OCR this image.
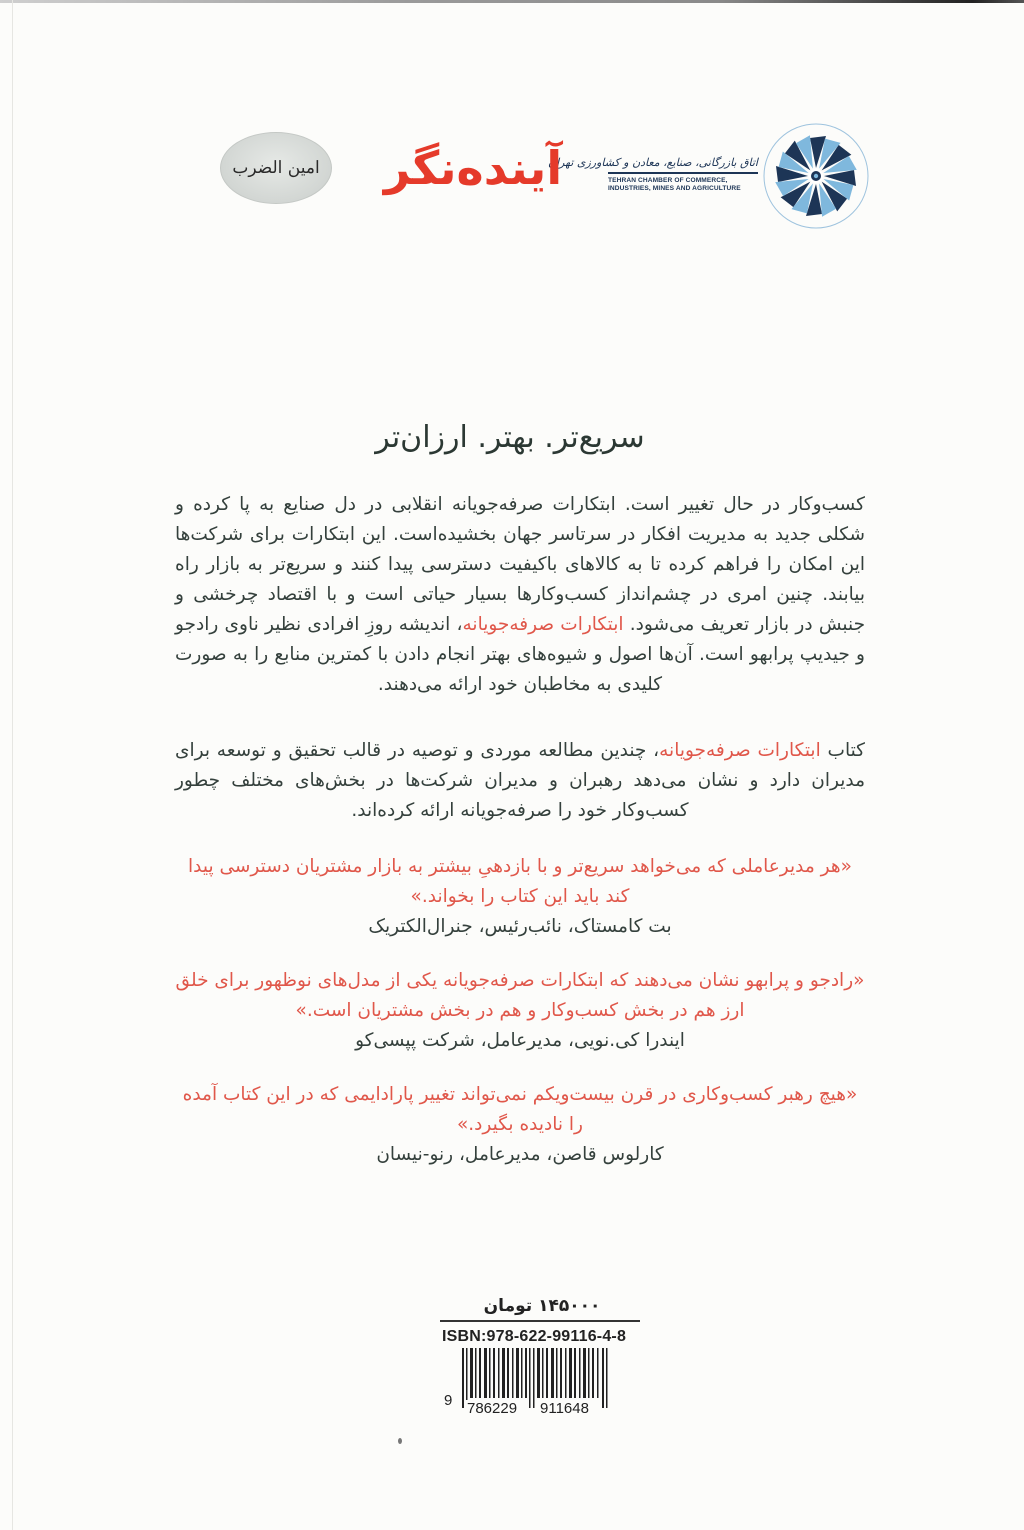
اتاق بازرگانی، صنایع، معادن و کشاورزی تهران
TEHRAN CHAMBER OF COMMERCE,
INDUSTRIES, MINES AND AGRICULTURE
آینده‌نگر
امین الضرب
سریع‌تر. بهتر. ارزان‌تر
کسب‌وکار در حال تغییر است. ابتکارات صرفه‌جویانه انقلابی در دل صنایع به پا کرده و شکلی جدید به مدیریت افکار در سرتاسر جهان بخشیده‌است. این ابتکارات برای شرکت‌ها این امکان را فراهم کرده تا به کالاهای باکیفیت دسترسی پیدا کنند و سریع‌تر به بازار راه بیابند. چنین امری در چشم‌انداز کسب‌وکارها بسیار حیاتی است و با اقتصاد چرخشی و جنبش در بازار تعریف می‌شود. ابتکارات صرفه‌جویانه، اندیشه روزِ افرادی نظیر ناوی رادجو و جیدیپ پرابهو است. آن‌ها اصول و شیوه‌های بهتر انجام دادن با کمترین منابع را به صورت کلیدی به مخاطبان خود ارائه می‌دهند.
کتاب ابتکارات صرفه‌جویانه، چندین مطالعه موردی و توصیه در قالب تحقیق و توسعه برای مدیران دارد و نشان می‌دهد رهبران و مدیران شرکت‌ها در بخش‌های مختلف چطور کسب‌وکار خود را صرفه‌جویانه ارائه کرده‌اند.
«هر مدیرعاملی که می‌خواهد سریع‌تر و با بازدهیِ بیشتر به بازار مشتریان دسترسی پیدا کند باید این کتاب را بخواند.»
بت کامستاک، نائب‌رئیس، جنرال‌الکتریک
«رادجو و پرابهو نشان می‌دهند که ابتکارات صرفه‌جویانه یکی از مدل‌های نوظهور برای خلق ارز هم در بخش کسب‌وکار و هم در بخش مشتریان است.»
ایندرا کی.نویی، مدیرعامل، شرکت پپسی‌کو
«هیچ رهبر کسب‌وکاری در قرن بیست‌ویکم نمی‌تواند تغییر پارادایمی که در این کتاب آمده را نادیده بگیرد.»
کارلوس قاصن، مدیرعامل، رنو-نیسان
۱۴۵۰۰۰ تومان
ISBN:978-622-99116-4-8
9 786229 911648
